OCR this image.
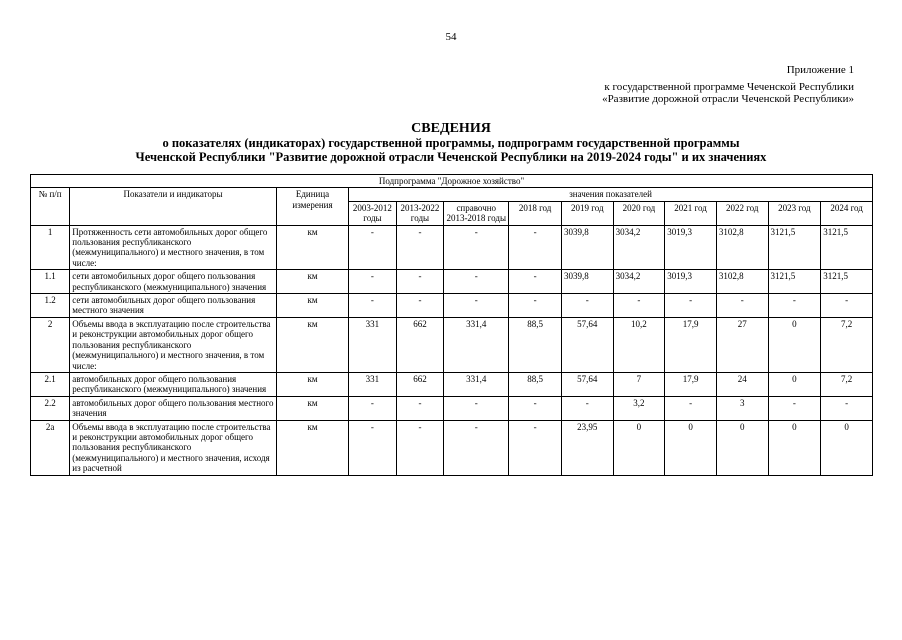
54
Приложение 1
к государственной программе Чеченской Республики
«Развитие дорожной отрасли Чеченской Республики»
СВЕДЕНИЯ
о показателях (индикаторах) государственной программы, подпрограмм государственной программы
Чеченской Республики "Развитие дорожной отрасли Чеченской Республики на 2019-2024 годы" и их значениях
Подпрограмма "Дорожное хозяйство"												
№ п/п	Показатели и индикаторы	Единица измерения	значения показателей									
			2003-2012 годы	2013-2022 годы	справочно 2013-2018 годы	2018 год	2019 год	2020 год	2021 год	2022 год	2023 год	2024 год
1	Протяженность сети автомобильных дорог общего пользования республиканского (межмуниципального) и местного значения, в том числе:	км	-	-	-	-	3039,8	3034,2	3019,3	3102,8	3121,5	3121,5
1.1	сети автомобильных дорог общего пользования республиканского (межмуниципального) значения	км	-	-	-	-	3039,8	3034,2	3019,3	3102,8	3121,5	3121,5
1.2	сети автомобильных дорог общего пользования местного значения	км	-	-	-	-	-	-	-	-	-	-
2	Объемы ввода в эксплуатацию после строительства и реконструкции автомобильных дорог общего пользования республиканского (межмуниципального) и местного значения, в том числе:	км	331	662	331,4	88,5	57,64	10,2	17,9	27	0	7,2
2.1	автомобильных дорог общего пользования республиканского (межмуниципального) значения	км	331	662	331,4	88,5	57,64	7	17,9	24	0	7,2
2.2	автомобильных дорог общего пользования местного значения	км	-	-	-	-	-	3,2	-	3	-	-
2а	Объемы ввода в эксплуатацию после строительства и реконструкции автомобильных дорог общего пользования республиканского (межмуниципального) и местного значения, исходя из расчетной	км	-	-	-	-	23,95	0	0	0	0	0
